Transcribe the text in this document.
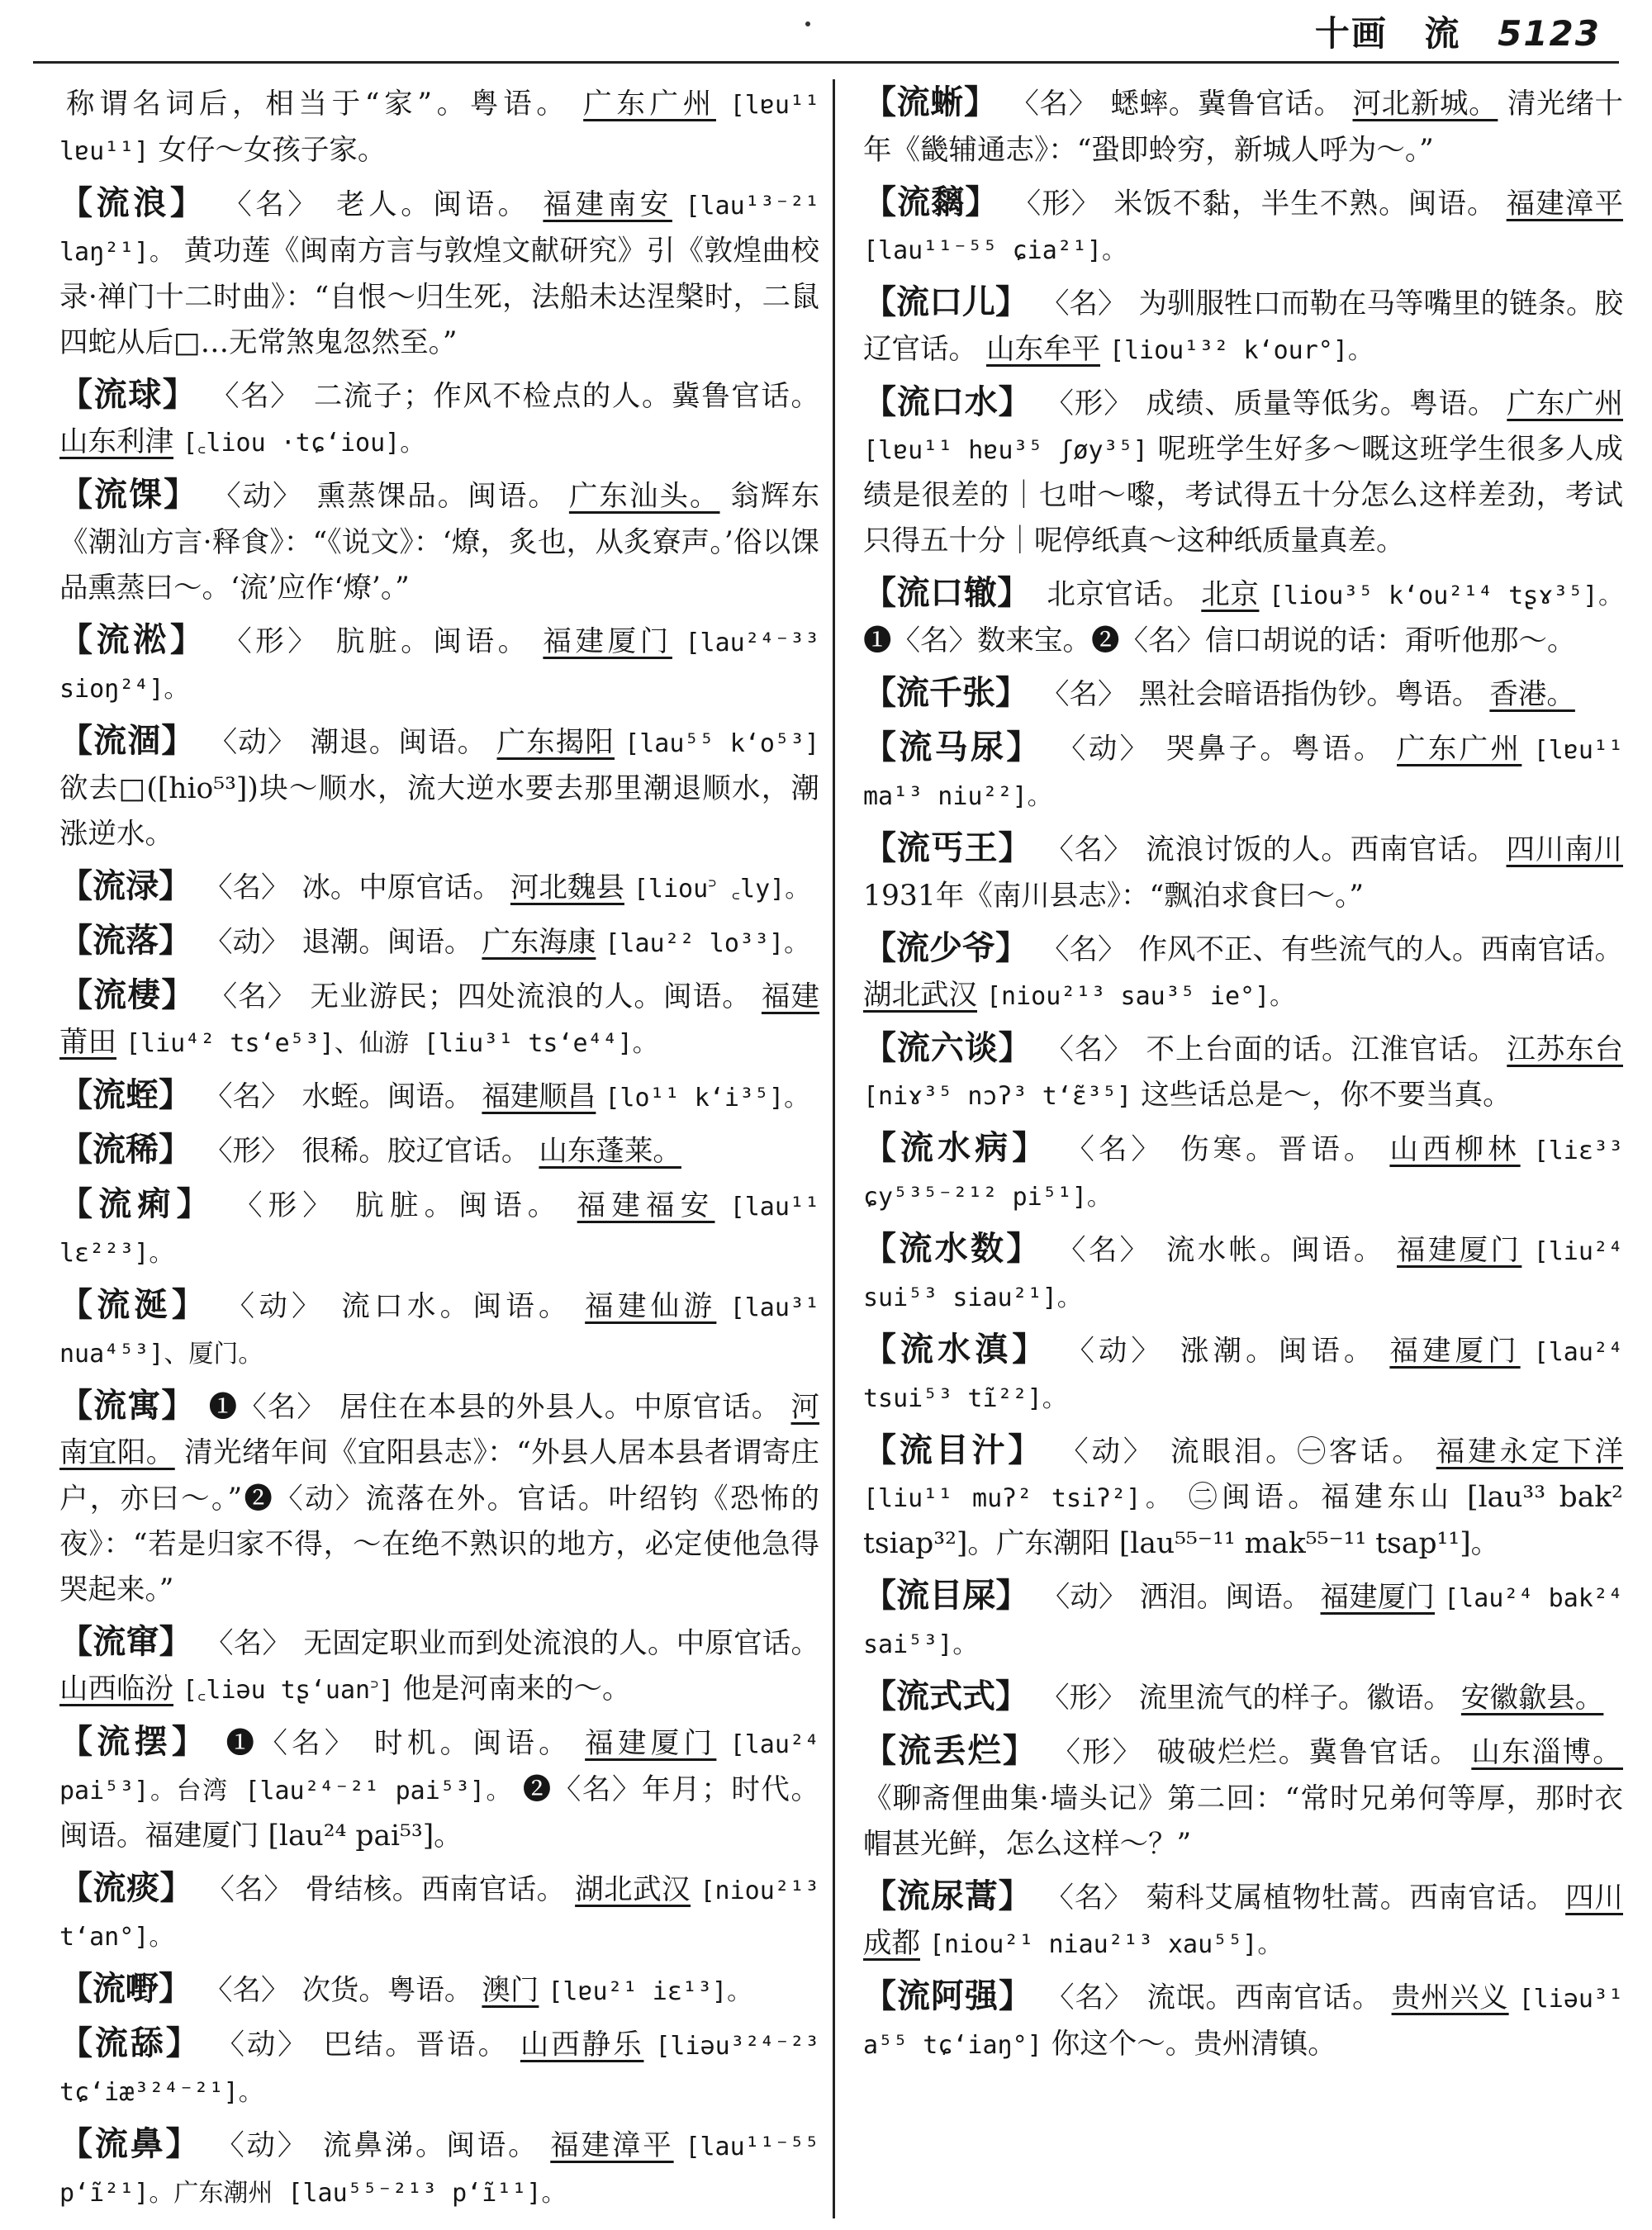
十画 流 5123
称谓名词后，相当于“家”。粤语。 广东广州 [lɐu¹¹ lɐu¹¹] 女仔～女孩子家。
【流浪】 〈名〉 老人。闽语。 福建南安 [lau¹³⁻²¹ laŋ²¹]。 黄功莲《闽南方言与敦煌文献研究》引《敦煌曲校录·禅门十二时曲》：“自恨～归生死，法船未达涅槃时，二鼠四蛇从后□…无常煞鬼忽然至。”
【流球】 〈名〉 二流子；作风不检点的人。冀鲁官话。 山东利津 [꜀liou ·tɕ‘iou]。
【流馃】 〈动〉 熏蒸馃品。闽语。 广东汕头。 翁辉东《潮汕方言·释食》：“《说文》：‘燎，炙也，从炙寮声。’俗以馃品熏蒸曰～。‘流’应作‘燎’。”
【流淞】 〈形〉 肮脏。闽语。 福建厦门 [lau²⁴⁻³³ sioŋ²⁴]。
【流涸】 〈动〉 潮退。闽语。 广东揭阳 [lau⁵⁵ k‘o⁵³] 欲去□([hio⁵³])块～顺水，流大逆水要去那里潮退顺水，潮涨逆水。
【流渌】 〈名〉 冰。中原官话。 河北魏县 [liou꜄ ꜀ly]。
【流落】 〈动〉 退潮。闽语。 广东海康 [lau²² lo³³]。
【流棲】 〈名〉 无业游民；四处流浪的人。闽语。 福建莆田 [liu⁴² ts‘e⁵³]、仙游 [liu³¹ ts‘e⁴⁴]。
【流蛭】 〈名〉 水蛭。闽语。 福建顺昌 [lo¹¹ k‘i³⁵]。
【流稀】 〈形〉 很稀。胶辽官话。 山东蓬莱。
【流痢】 〈形〉 肮脏。闽语。 福建福安 [lau¹¹ lɛ²²³]。
【流涎】 〈动〉 流口水。闽语。 福建仙游 [lau³¹ nua⁴⁵³]、厦门。
【流寓】 ❶〈名〉 居住在本县的外县人。中原官话。 河南宜阳。 清光绪年间《宜阳县志》：“外县人居本县者谓寄庄户，亦曰～。”❷〈动〉流落在外。官话。叶绍钧《恐怖的夜》：“若是归家不得，～在绝不熟识的地方，必定使他急得哭起来。”
【流窜】 〈名〉 无固定职业而到处流浪的人。中原官话。 山西临汾 [꜀liəu tʂ‘uan꜄] 他是河南来的～。
【流摆】 ❶〈名〉 时机。闽语。 福建厦门 [lau²⁴ pai⁵³]。台湾 [lau²⁴⁻²¹ pai⁵³]。 ❷〈名〉年月；时代。闽语。福建厦门 [lau²⁴ pai⁵³]。
【流痰】 〈名〉 骨结核。西南官话。 湖北武汉 [niou²¹³ t‘an°]。
【流嘢】 〈名〉 次货。粤语。 澳门 [lɐu²¹ iɛ¹³]。
【流舔】 〈动〉 巴结。晋语。 山西静乐 [liəu³²⁴⁻²³ tɕ‘iæ³²⁴⁻²¹]。
【流鼻】 〈动〉 流鼻涕。闽语。 福建漳平 [lau¹¹⁻⁵⁵ p‘ĩ²¹]。广东潮州 [lau⁵⁵⁻²¹³ p‘ĩ¹¹]。
【流蜥】 〈名〉 蟋蟀。冀鲁官话。 河北新城。 清光绪十年《畿辅通志》：“蛩即蛉穷，新城人呼为～。”
【流黐】 〈形〉 米饭不黏，半生不熟。闽语。 福建漳平 [lau¹¹⁻⁵⁵ ɕia²¹]。
【流口儿】 〈名〉 为驯服牲口而勒在马等嘴里的链条。胶辽官话。 山东牟平 [liou¹³² k‘our°]。
【流口水】 〈形〉 成绩、质量等低劣。粤语。 广东广州 [lɐu¹¹ hɐu³⁵ ʃøy³⁵] 呢班学生好多～嘅这班学生很多人成绩是很差的｜乜咁～嚟，考试得五十分怎么这样差劲，考试只得五十分｜呢停纸真～这种纸质量真差。
【流口辙】 北京官话。 北京 [liou³⁵ k‘ou²¹⁴ tʂɤ³⁵]。 ❶〈名〉数来宝。❷〈名〉信口胡说的话：甭听他那～。
【流千张】 〈名〉 黑社会暗语指伪钞。粤语。 香港。
【流马尿】 〈动〉 哭鼻子。粤语。 广东广州 [lɐu¹¹ ma¹³ niu²²]。
【流丐王】 〈名〉 流浪讨饭的人。西南官话。 四川南川 1931年《南川县志》：“飘泊求食曰～。”
【流少爷】 〈名〉 作风不正、有些流气的人。西南官话。 湖北武汉 [niou²¹³ sau³⁵ ie°]。
【流六谈】 〈名〉 不上台面的话。江淮官话。 江苏东台 [niɤ³⁵ nɔʔ³ t‘ɛ̃³⁵] 这些话总是～，你不要当真。
【流水病】 〈名〉 伤寒。晋语。 山西柳林 [liɛ³³ ɕy⁵³⁵⁻²¹² pi⁵¹]。
【流水数】 〈名〉 流水帐。闽语。 福建厦门 [liu²⁴ sui⁵³ siau²¹]。
【流水滇】 〈动〉 涨潮。闽语。 福建厦门 [lau²⁴ tsui⁵³ tĩ²²]。
【流目汁】 〈动〉 流眼泪。㊀客话。 福建永定下洋 [liu¹¹ muʔ² tsiʔ²]。 ㊁闽语。福建东山 [lau³³ bak² tsiap³²]。广东潮阳 [lau⁵⁵⁻¹¹ mak⁵⁵⁻¹¹ tsap¹¹]。
【流目屎】 〈动〉 洒泪。闽语。 福建厦门 [lau²⁴ bak²⁴ sai⁵³]。
【流式式】 〈形〉 流里流气的样子。徽语。 安徽歙县。
【流丢烂】 〈形〉 破破烂烂。冀鲁官话。 山东淄博。 《聊斋俚曲集·墙头记》第二回：“常时兄弟何等厚，那时衣帽甚光鲜，怎么这样～？”
【流尿蒿】 〈名〉 菊科艾属植物牡蒿。西南官话。 四川成都 [niou²¹ niau²¹³ xau⁵⁵]。
【流阿强】 〈名〉 流氓。西南官话。 贵州兴义 [liəu³¹ a⁵⁵ tɕ‘iaŋ°] 你这个～。贵州清镇。
